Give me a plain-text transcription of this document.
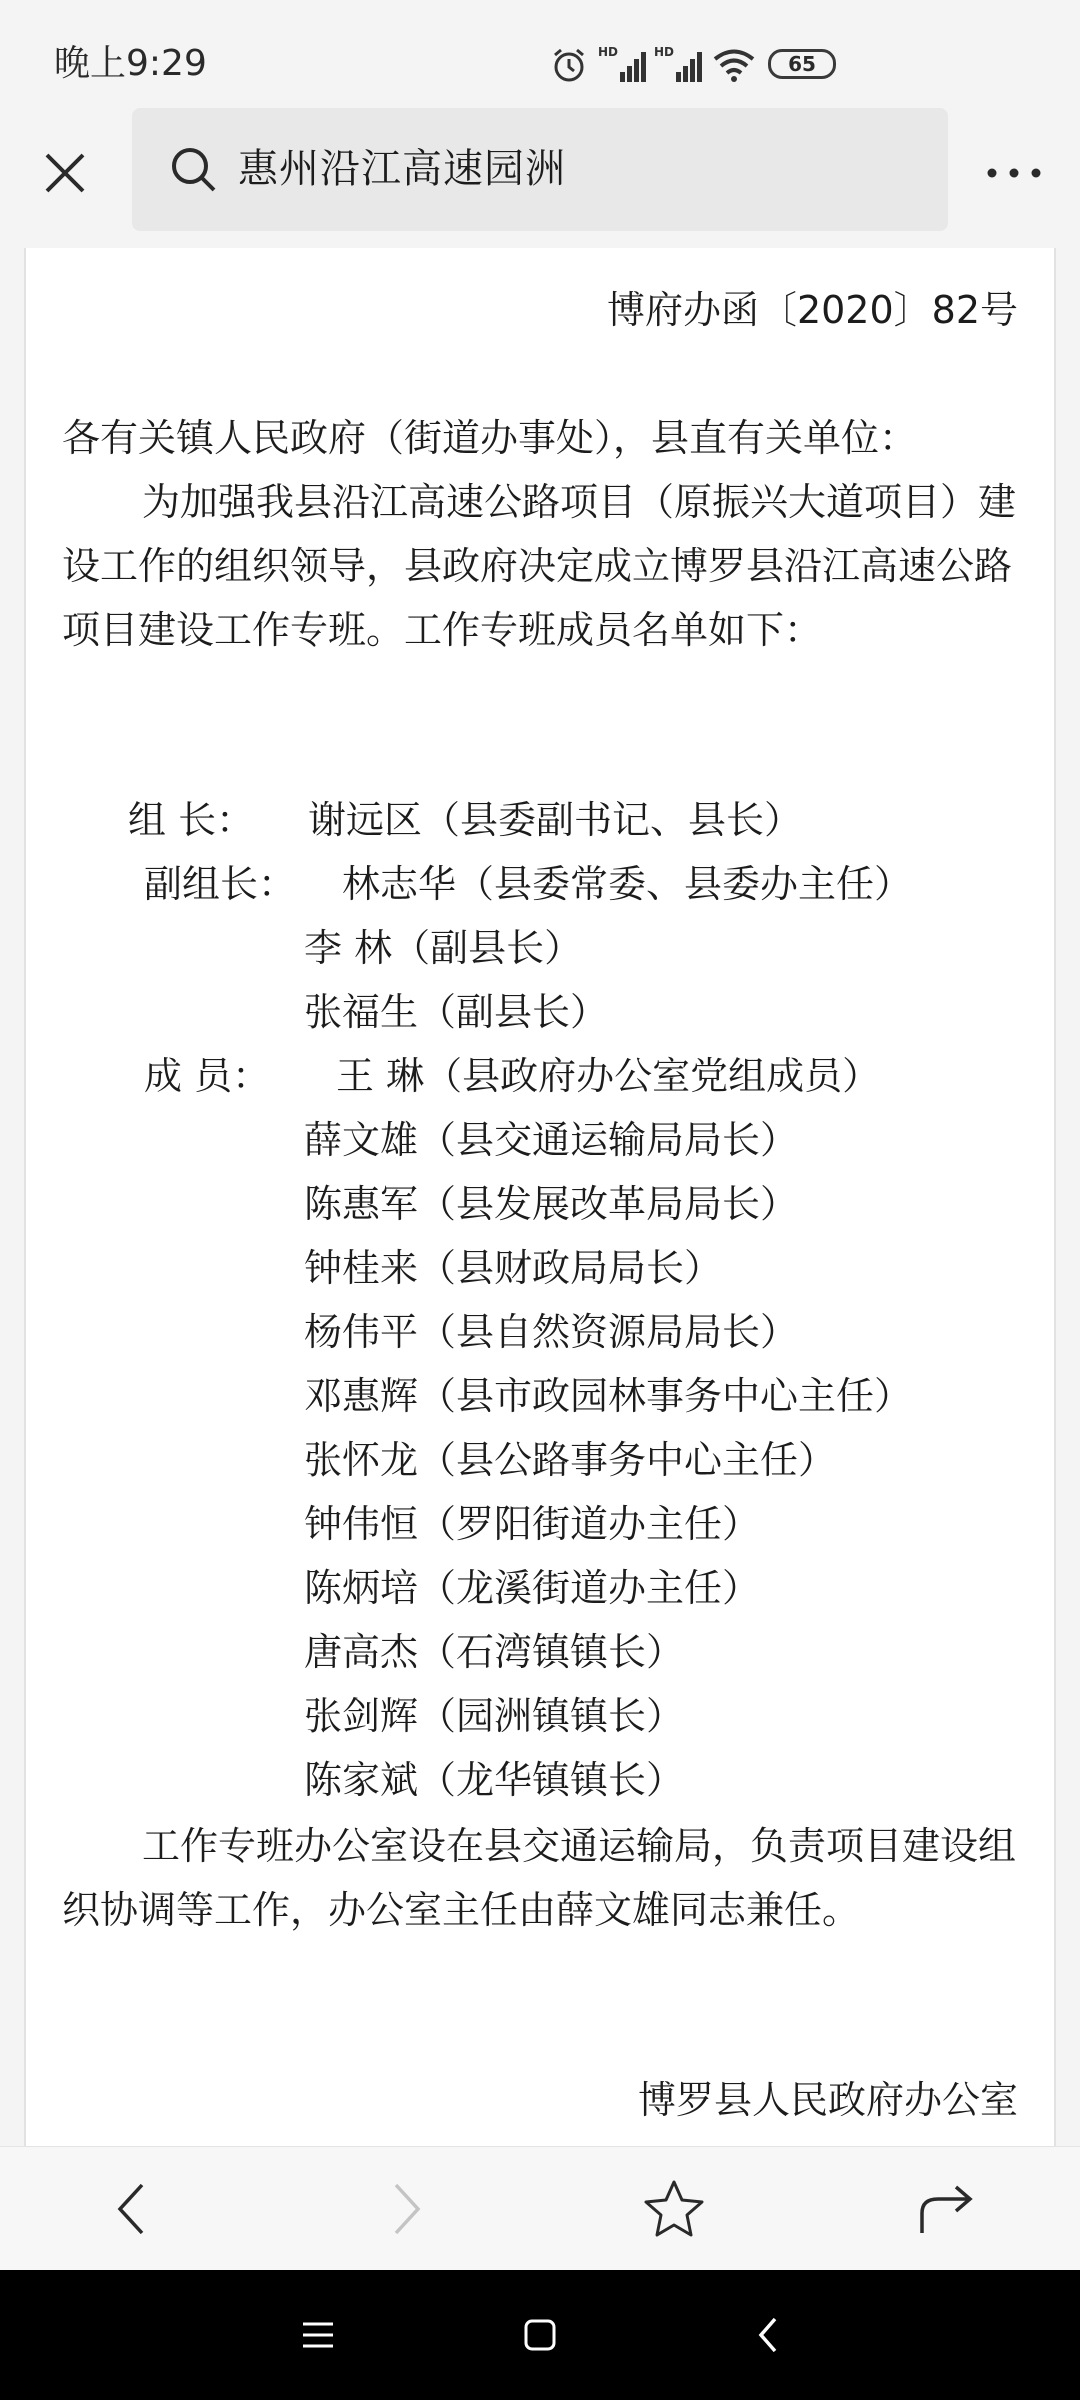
晚上9:29	HD	HD	65
惠州沿江高速园洲
博府办函〔2020〕82号
各有关镇人民政府（街道办事处），县直有关单位：
为加强我县沿江高速公路项目（原振兴大道项目）建设工作的组织领导，县政府决定成立博罗县沿江高速公路项目建设工作专班。工作专班成员名单如下：
组 长： 谢远区（县委副书记、县长）
副组长： 林志华（县委常委、县委办主任）
李 林（副县长）
张福生（副县长）
成 员： 王 琳（县政府办公室党组成员）
薛文雄（县交通运输局局长）
陈惠军（县发展改革局局长）
钟桂来（县财政局局长）
杨伟平（县自然资源局局长）
邓惠辉（县市政园林事务中心主任）
张怀龙（县公路事务中心主任）
钟伟恒（罗阳街道办主任）
陈炳培（龙溪街道办主任）
唐高杰（石湾镇镇长）
张剑辉（园洲镇镇长）
陈家斌（龙华镇镇长）
工作专班办公室设在县交通运输局，负责项目建设组织协调等工作，办公室主任由薛文雄同志兼任。
博罗县人民政府办公室
